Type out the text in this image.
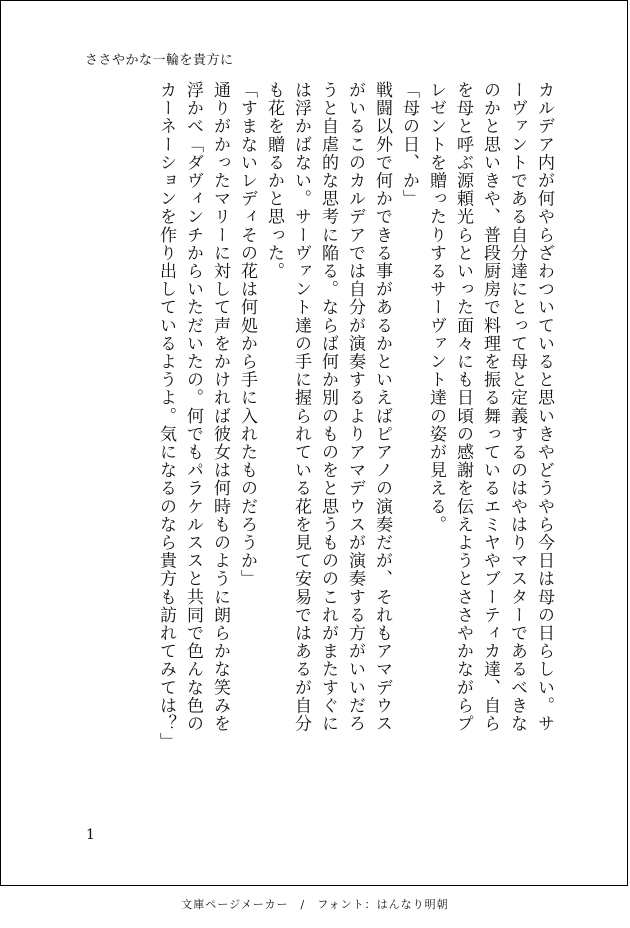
ささやかな一輪を貴方に
カルデア内が何やらざわついていると思いきやどうやら今日は母の日らしい。サ
ーヴァントである自分達にとって母と定義するのはやはりマスターであるべきな
のかと思いきや、普段厨房で料理を振る舞っているエミヤやブーティカ達、自ら
を母と呼ぶ源頼光らといった面々にも日頃の感謝を伝えようとささやかながらプ
レゼントを贈ったりするサーヴァント達の姿が見える。
「母の日、か」
戦闘以外で何かできる事があるかといえばピアノの演奏だが、それもアマデウス
がいるこのカルデアでは自分が演奏するよりアマデウスが演奏する方がいいだろ
うと自虐的な思考に陥る。ならば何か別のものをと思うもののこれがまたすぐに
は浮かばない。サーヴァント達の手に握られている花を見て安易ではあるが自分
も花を贈るかと思った。
「すまないレディその花は何処から手に入れたものだろうか」
通りがかったマリーに対して声をかければ彼女は何時ものように朗らかな笑みを
浮かべ「ダヴィンチからいただいたの。何でもパラケルススと共同で色んな色の
カーネーションを作り出しているようよ。気になるのなら貴方も訪れてみては？」
1
文庫ページメーカー　/　フォント：はんなり明朝
